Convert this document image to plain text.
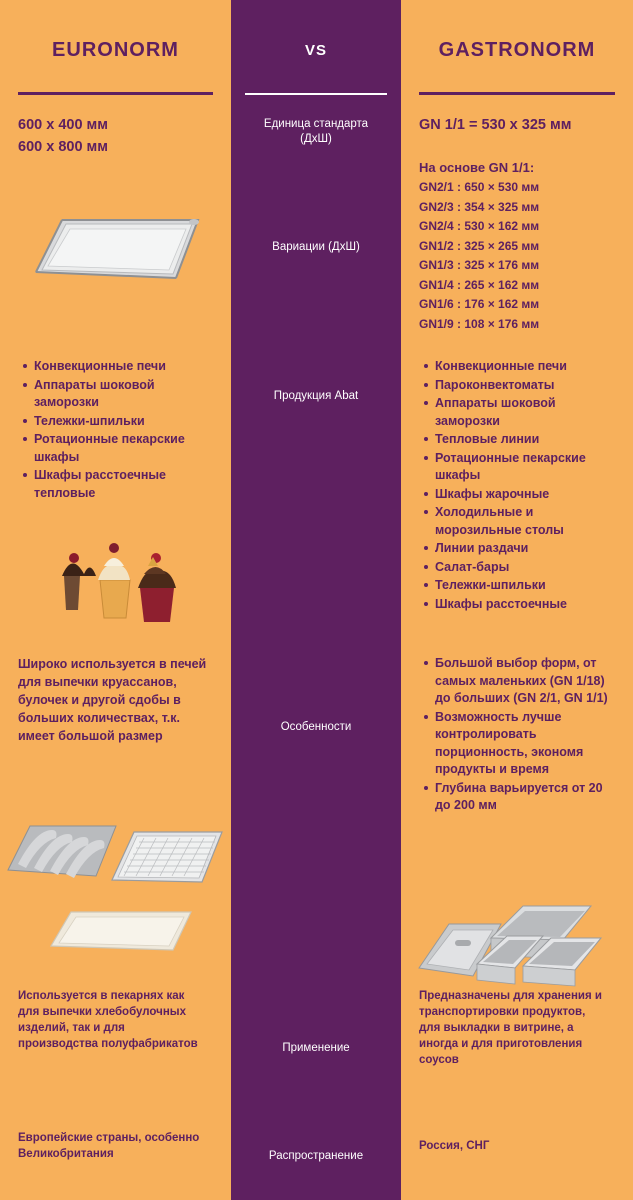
EURONORM
600 x 400 мм
600 x 800 мм
Конвекционные печи
Аппараты шоковой заморозки
Тележки-шпильки
Ротационные пекарские шкафы
Шкафы расстоечные тепловые
Широко используется в печей для выпечки круассанов, булочек и другой сдобы в больших количествах, т.к. имеет большой размер
Используется в пекарнях как для выпечки хлебобулочных изделий, так и для производства полуфабрикатов
Европейские страны, особенно Великобритания
VS
Единица стандарта
(ДхШ)
Вариации (ДхШ)
Продукция Abat
Особенности
Применение
Распространение
GASTRONORM
GN 1/1 = 530 x 325 мм
На основе GN 1/1:
GN2/1 : 650 × 530 мм
GN2/3 : 354 × 325 мм
GN2/4 : 530 × 162 мм
GN1/2 : 325 × 265 мм
GN1/3 : 325 × 176 мм
GN1/4 : 265 × 162 мм
GN1/6 : 176 × 162 мм
GN1/9 : 108 × 176 мм
Конвекционные печи
Пароконвектоматы
Аппараты шоковой заморозки
Тепловые линии
Ротационные пекарские шкафы
Шкафы жарочные
Холодильные и морозильные столы
Линии раздачи
Салат-бары
Тележки-шпильки
Шкафы расстоечные
Большой выбор форм, от самых маленьких (GN 1/18) до больших (GN 2/1, GN 1/1)
Возможность лучше контролировать порционность, экономя продукты и время
Глубина варьируется от 20 до 200 мм
Предназначены для хранения и транспортировки продуктов, для выкладки в витрине, а иногда и для приготовления соусов
Россия, СНГ
